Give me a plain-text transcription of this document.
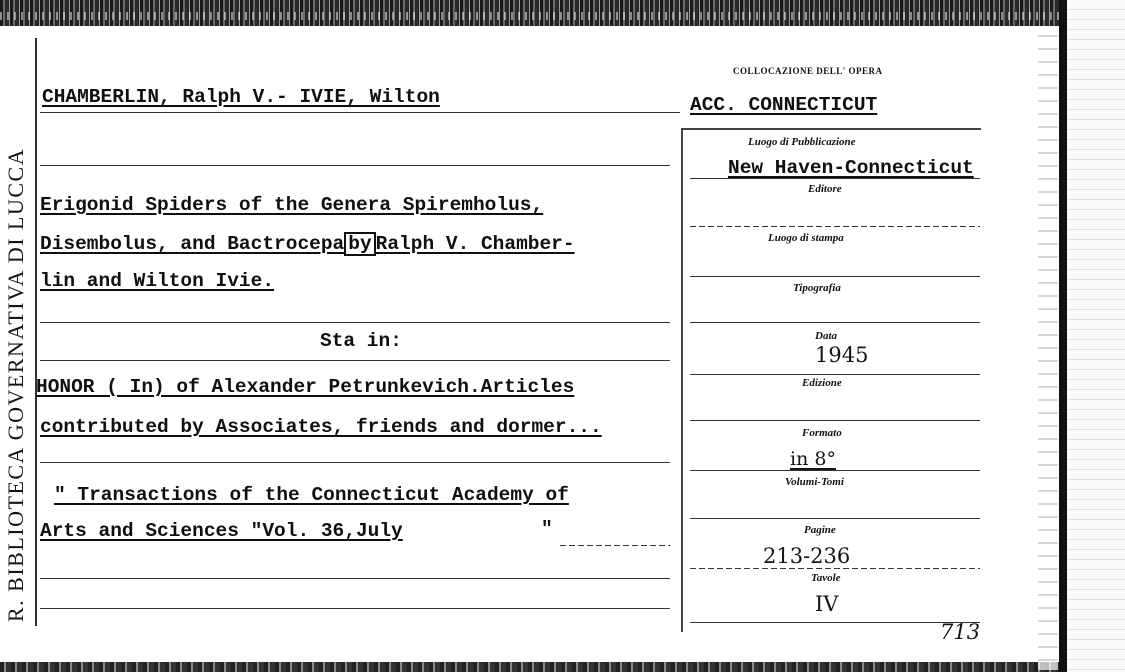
R. BIBLIOTECA GOVERNATIVA DI LUCCA
COLLOCAZIONE DELL' OPERA
ACC. CONNECTICUT
CHAMBERLIN, Ralph V.- IVIE, Wilton
Erigonid Spiders of the Genera Spiremholus,
Disembolus, and Bactrocepa by Ralph V. Chamber-
lin and Wilton Ivie.
Sta in:
HONOR ( In) of Alexander Petrunkevich.Articles
contributed by Associates, friends and dormer...
" Transactions of the Connecticut Academy of
Arts and Sciences "Vol. 36,July	"
Luogo di Pubblicazione
New Haven-Connecticut
Editore
Luogo di stampa
Tipografia
Data
1945
Edizione
Formato
in 8°
Volumi-Tomi
Pagine
213-236
Tavole
IV
713
